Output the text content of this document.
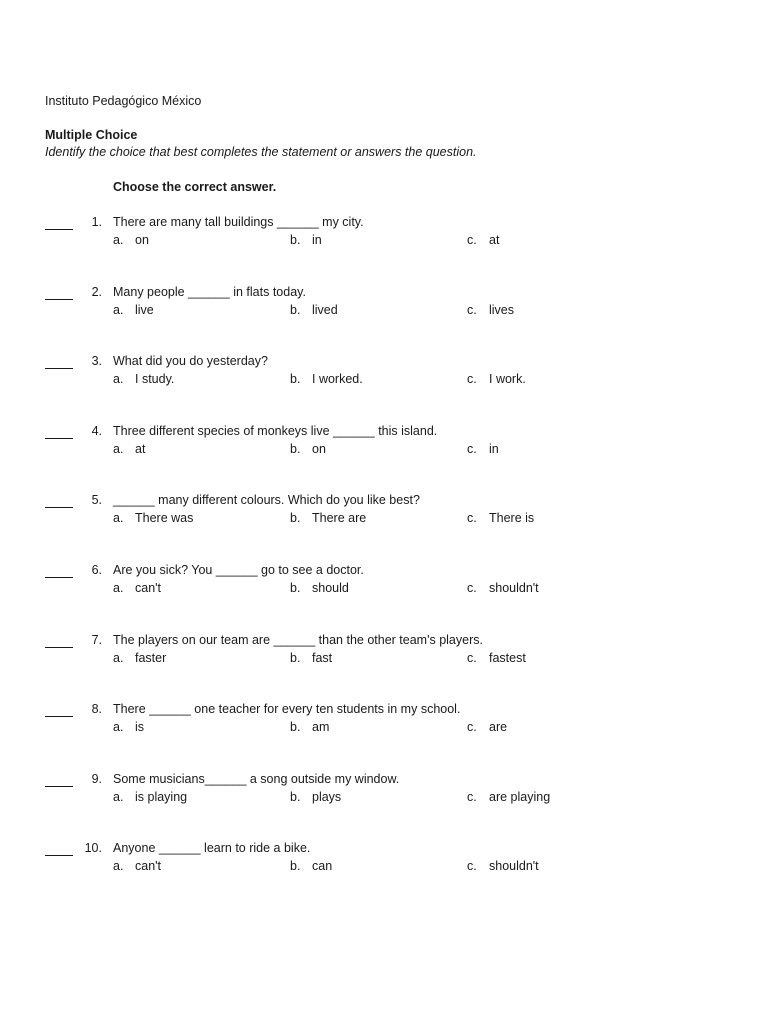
Instituto Pedagógico México
Multiple Choice
Identify the choice that best completes the statement or answers the question.
Choose the correct answer.
1. There are many tall buildings ______ my city.
a. on	b. in	c. at
2. Many people ______ in flats today.
a. live	b. lived	c. lives
3. What did you do yesterday?
a. I study.	b. I worked.	c. I work.
4. Three different species of monkeys live ______ this island.
a. at	b. on	c. in
5. ______ many different colours. Which do you like best?
a. There was	b. There are	c. There is
6. Are you sick? You ______ go to see a doctor.
a. can't	b. should	c. shouldn't
7. The players on our team are ______ than the other team's players.
a. faster	b. fast	c. fastest
8. There ______ one teacher for every ten students in my school.
a. is	b. am	c. are
9. Some musicians______ a song outside my window.
a. is playing	b. plays	c. are playing
10. Anyone ______ learn to ride a bike.
a. can't	b. can	c. shouldn't
